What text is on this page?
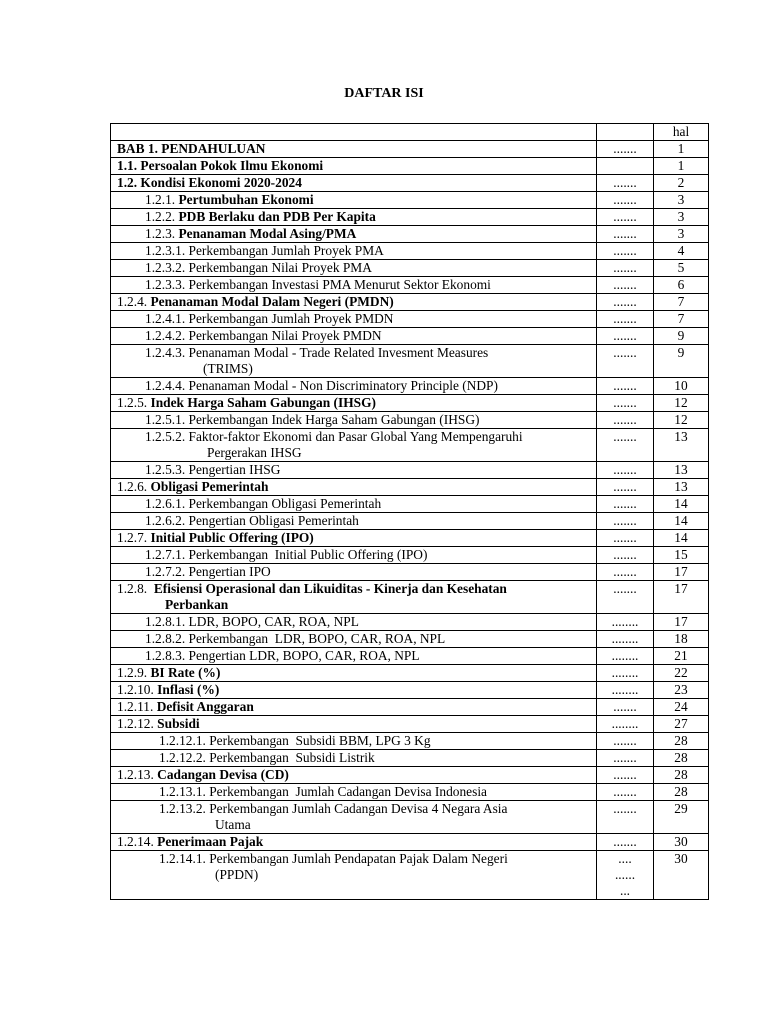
DAFTAR ISI
		hal

BAB 1. PENDAHULUAN	.......	1

1.1. Persoalan Pokok Ilmu Ekonomi		1

1.2. Kondisi Ekonomi 2020-2024	.......	2

1.2.1. Pertumbuhan Ekonomi	.......	3

1.2.2. PDB Berlaku dan PDB Per Kapita	.......	3

1.2.3. Penanaman Modal Asing/PMA	.......	3

1.2.3.1. Perkembangan Jumlah Proyek PMA	.......	4

1.2.3.2. Perkembangan Nilai Proyek PMA	.......	5

1.2.3.3. Perkembangan Investasi PMA Menurut Sektor Ekonomi	.......	6

1.2.4. Penanaman Modal Dalam Negeri (PMDN)	.......	7

1.2.4.1. Perkembangan Jumlah Proyek PMDN	.......	7

1.2.4.2. Perkembangan Nilai Proyek PMDN	.......	9

1.2.4.3. Penanaman Modal - Trade Related Invesment Measures
(TRIMS)	.......	9

1.2.4.4. Penanaman Modal - Non Discriminatory Principle (NDP)	.......	10

1.2.5. Indek Harga Saham Gabungan (IHSG)	.......	12

1.2.5.1. Perkembangan Indek Harga Saham Gabungan (IHSG)	.......	12

1.2.5.2. Faktor-faktor Ekonomi dan Pasar Global Yang Mempengaruhi
Pergerakan IHSG	.......	13

1.2.5.3. Pengertian IHSG	.......	13

1.2.6. Obligasi Pemerintah	.......	13

1.2.6.1. Perkembangan Obligasi Pemerintah	.......	14

1.2.6.2. Pengertian Obligasi Pemerintah	.......	14

1.2.7. Initial Public Offering (IPO)	.......	14

1.2.7.1. Perkembangan  Initial Public Offering (IPO)	.......	15

1.2.7.2. Pengertian IPO	.......	17

1.2.8.  Efisiensi Operasional dan Likuiditas - Kinerja dan Kesehatan
Perbankan	.......	17

1.2.8.1. LDR, BOPO, CAR, ROA, NPL	........	17

1.2.8.2. Perkembangan  LDR, BOPO, CAR, ROA, NPL	........	18

1.2.8.3. Pengertian LDR, BOPO, CAR, ROA, NPL	........	21

1.2.9. BI Rate (%)	........	22

1.2.10. Inflasi (%)	........	23

1.2.11. Defisit Anggaran	.......	24

1.2.12. Subsidi	........	27

1.2.12.1. Perkembangan  Subsidi BBM, LPG 3 Kg	.......	28

1.2.12.2. Perkembangan  Subsidi Listrik	.......	28

1.2.13. Cadangan Devisa (CD)	.......	28

1.2.13.1. Perkembangan  Jumlah Cadangan Devisa Indonesia	.......	28

1.2.13.2. Perkembangan Jumlah Cadangan Devisa 4 Negara Asia
Utama	.......	29

1.2.14. Penerimaan Pajak	.......	30

1.2.14.1. Perkembangan Jumlah Pendapatan Pajak Dalam Negeri
(PPDN)	....
......
...	30
